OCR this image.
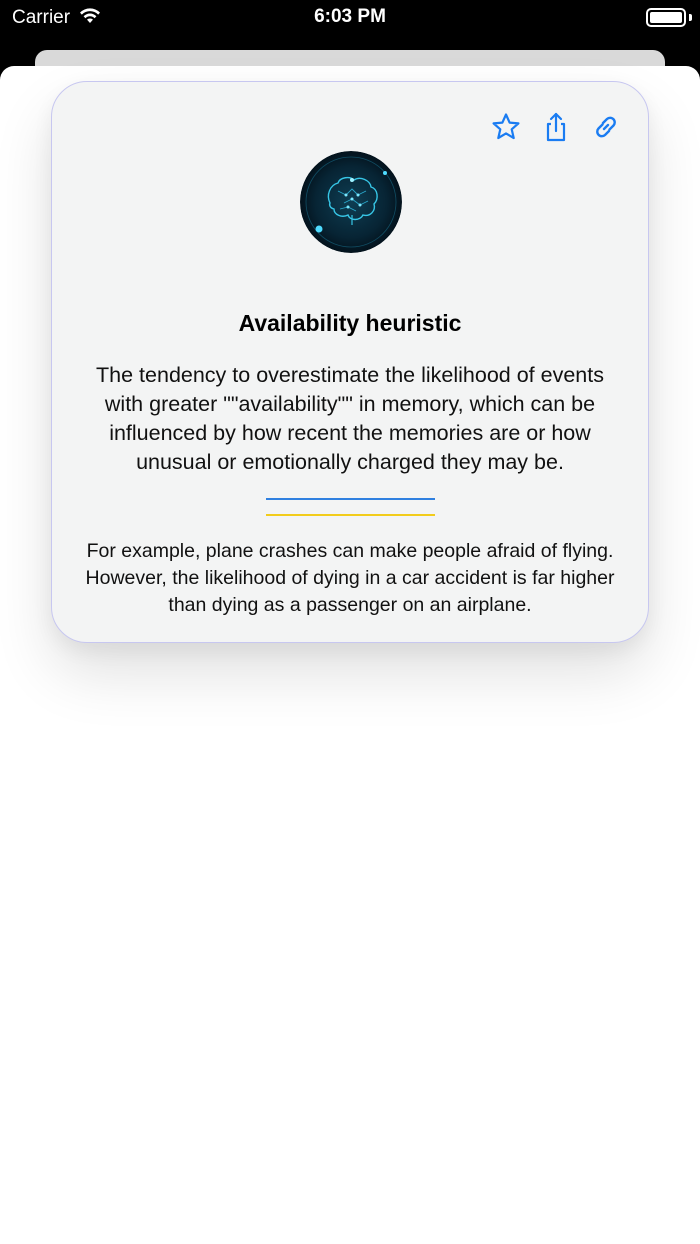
Carrier	6:03 PM
Availability heuristic
The tendency to overestimate the likelihood of events with greater ""availability"" in memory, which can be influenced by how recent the memories are or how unusual or emotionally charged they may be.
For example, plane crashes can make people afraid of flying. However, the likelihood of dying in a car accident is far higher than dying as a passenger on an airplane.
